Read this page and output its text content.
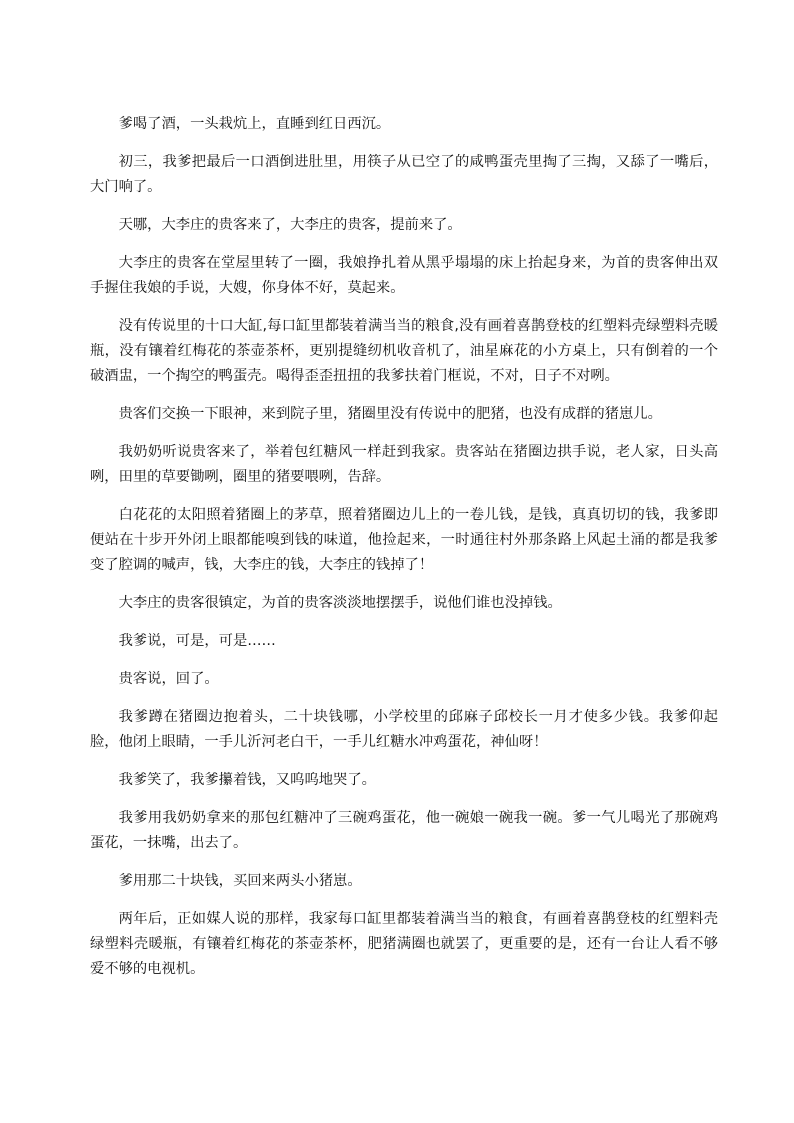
爹喝了酒，一头栽炕上，直睡到红日西沉。

初三，我爹把最后一口酒倒进肚里，用筷子从已空了的咸鸭蛋壳里掏了三掏，又舔了一嘴后，大门响了。

天哪，大李庄的贵客来了，大李庄的贵客，提前来了。

大李庄的贵客在堂屋里转了一圈，我娘挣扎着从黑乎塌塌的床上抬起身来，为首的贵客伸出双手握住我娘的手说，大嫂，你身体不好，莫起来。

没有传说里的十口大缸,每口缸里都装着满当当的粮食,没有画着喜鹊登枝的红塑料壳绿塑料壳暖瓶，没有镶着红梅花的茶壶茶杯，更别提缝纫机收音机了，油星麻花的小方桌上，只有倒着的一个破酒盅，一个掏空的鸭蛋壳。喝得歪歪扭扭的我爹扶着门框说，不对，日子不对咧。

贵客们交换一下眼神，来到院子里，猪圈里没有传说中的肥猪，也没有成群的猪崽儿。

我奶奶听说贵客来了，举着包红糖风一样赶到我家。贵客站在猪圈边拱手说，老人家，日头高咧，田里的草要锄咧，圈里的猪要喂咧，告辞。

白花花的太阳照着猪圈上的茅草，照着猪圈边儿上的一卷儿钱，是钱，真真切切的钱，我爹即便站在十步开外闭上眼都能嗅到钱的味道，他捡起来，一时通往村外那条路上风起土涌的都是我爹变了腔调的喊声，钱，大李庄的钱，大李庄的钱掉了！

大李庄的贵客很镇定，为首的贵客淡淡地摆摆手，说他们谁也没掉钱。

我爹说，可是，可是……

贵客说，回了。

我爹蹲在猪圈边抱着头，二十块钱哪，小学校里的邱麻子邱校长一月才使多少钱。我爹仰起脸，他闭上眼睛，一手儿沂河老白干，一手儿红糖水冲鸡蛋花，神仙呀！

我爹笑了，我爹攥着钱，又呜呜地哭了。

我爹用我奶奶拿来的那包红糖冲了三碗鸡蛋花，他一碗娘一碗我一碗。爹一气儿喝光了那碗鸡蛋花，一抹嘴，出去了。

爹用那二十块钱，买回来两头小猪崽。

两年后，正如媒人说的那样，我家每口缸里都装着满当当的粮食，有画着喜鹊登枝的红塑料壳绿塑料壳暖瓶，有镶着红梅花的茶壶茶杯，肥猪满圈也就罢了，更重要的是，还有一台让人看不够爱不够的电视机。
